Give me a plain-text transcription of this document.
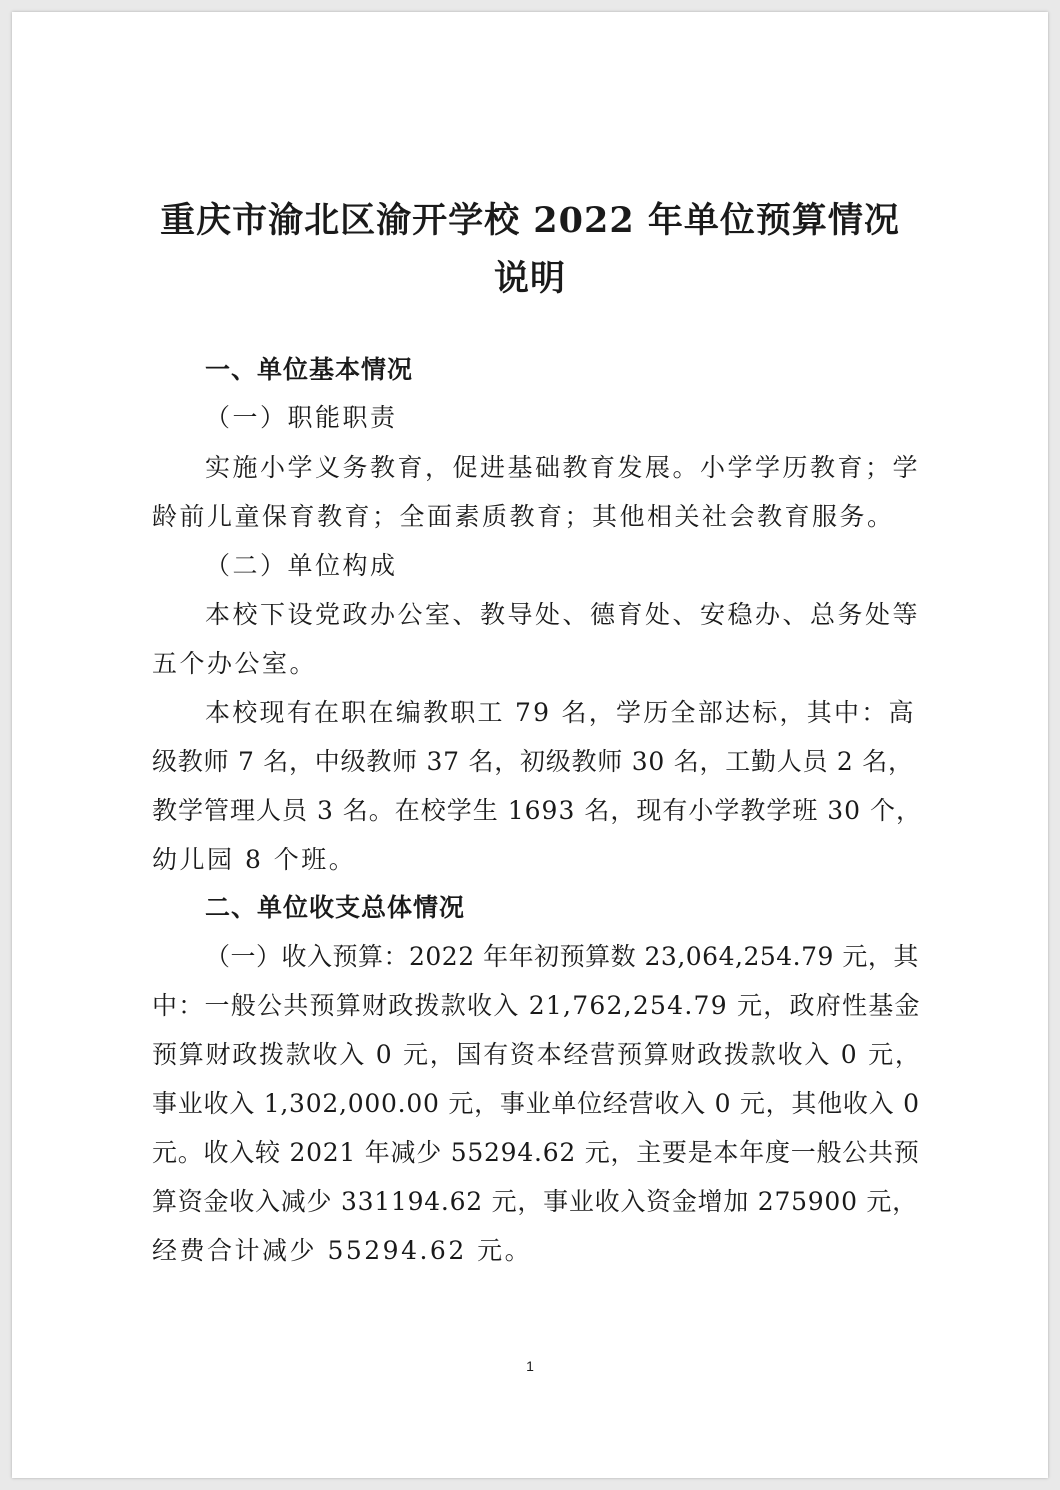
重庆市渝北区渝开学校 2022 年单位预算情况
说明
一、单位基本情况
（一）职能职责
实施小学义务教育，促进基础教育发展。小学学历教育；学
龄前儿童保育教育；全面素质教育；其他相关社会教育服务。
（二）单位构成
本校下设党政办公室、教导处、德育处、安稳办、总务处等
五个办公室。
本校现有在职在编教职工 79 名，学历全部达标，其中：高
级教师 7 名，中级教师 37 名，初级教师 30 名，工勤人员 2 名，
教学管理人员 3 名。在校学生 1693 名，现有小学教学班 30 个，
幼儿园 8 个班。
二、单位收支总体情况
（一）收入预算：2022 年年初预算数 23,064,254.79 元，其
中：一般公共预算财政拨款收入 21,762,254.79 元，政府性基金
预算财政拨款收入 0 元，国有资本经营预算财政拨款收入 0 元，
事业收入 1,302,000.00 元，事业单位经营收入 0 元，其他收入 0
元。收入较 2021 年减少 55294.62 元，主要是本年度一般公共预
算资金收入减少 331194.62 元，事业收入资金增加 275900 元，
经费合计减少 55294.62 元。
1
